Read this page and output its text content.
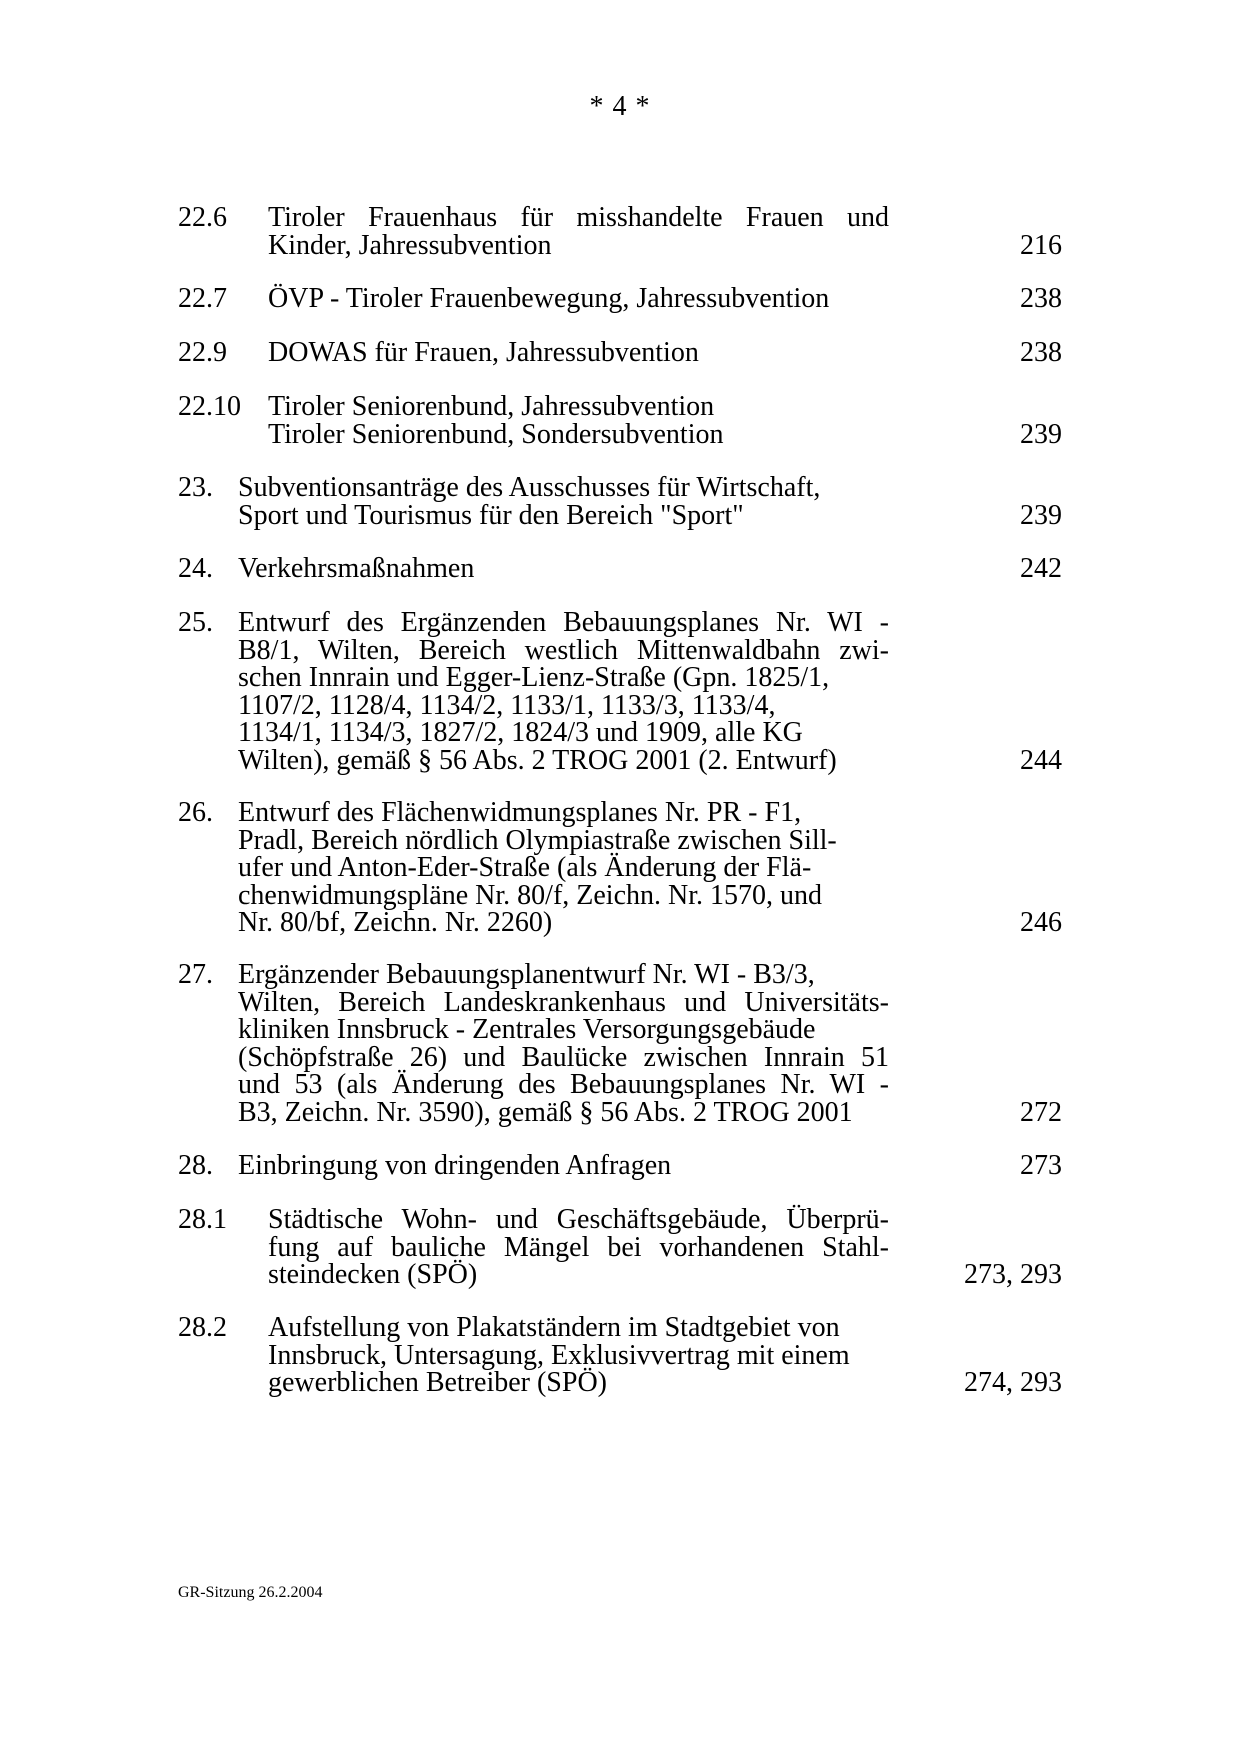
* 4 *
22.6 Tiroler Frauenhaus für misshandelte Frauen und
Kinder, Jahressubvention	216
22.7 ÖVP - Tiroler Frauenbewegung, Jahressubvention	238
22.9 DOWAS für Frauen, Jahressubvention	238
22.10 Tiroler Seniorenbund, Jahressubvention
Tiroler Seniorenbund, Sondersubvention	239
23. Subventionsanträge des Ausschusses für Wirtschaft,
Sport und Tourismus für den Bereich "Sport"	239
24. Verkehrsmaßnahmen	242
25. Entwurf des Ergänzenden Bebauungsplanes Nr. WI -
B8/1, Wilten, Bereich westlich Mittenwaldbahn zwi-
schen Innrain und Egger-Lienz-Straße (Gpn. 1825/1,
1107/2, 1128/4, 1134/2, 1133/1, 1133/3, 1133/4,
1134/1, 1134/3, 1827/2, 1824/3 und 1909, alle KG
Wilten), gemäß § 56 Abs. 2 TROG 2001 (2. Entwurf)	244
26. Entwurf des Flächenwidmungsplanes Nr. PR - F1,
Pradl, Bereich nördlich Olympiastraße zwischen Sill-
ufer und Anton-Eder-Straße (als Änderung der Flä-
chenwidmungspläne Nr. 80/f, Zeichn. Nr. 1570, und
Nr. 80/bf, Zeichn. Nr. 2260)	246
27. Ergänzender Bebauungsplanentwurf Nr. WI - B3/3,
Wilten, Bereich Landeskrankenhaus und Universitäts-
kliniken Innsbruck - Zentrales Versorgungsgebäude
(Schöpfstraße 26) und Baulücke zwischen Innrain 51
und 53 (als Änderung des Bebauungsplanes Nr. WI -
B3, Zeichn. Nr. 3590), gemäß § 56 Abs. 2 TROG 2001	272
28. Einbringung von dringenden Anfragen	273
28.1 Städtische Wohn- und Geschäftsgebäude, Überprü-
fung auf bauliche Mängel bei vorhandenen Stahl-
steindecken (SPÖ)	273, 293
28.2 Aufstellung von Plakatständern im Stadtgebiet von
Innsbruck, Untersagung, Exklusivvertrag mit einem
gewerblichen Betreiber (SPÖ)	274, 293
GR-Sitzung 26.2.2004
